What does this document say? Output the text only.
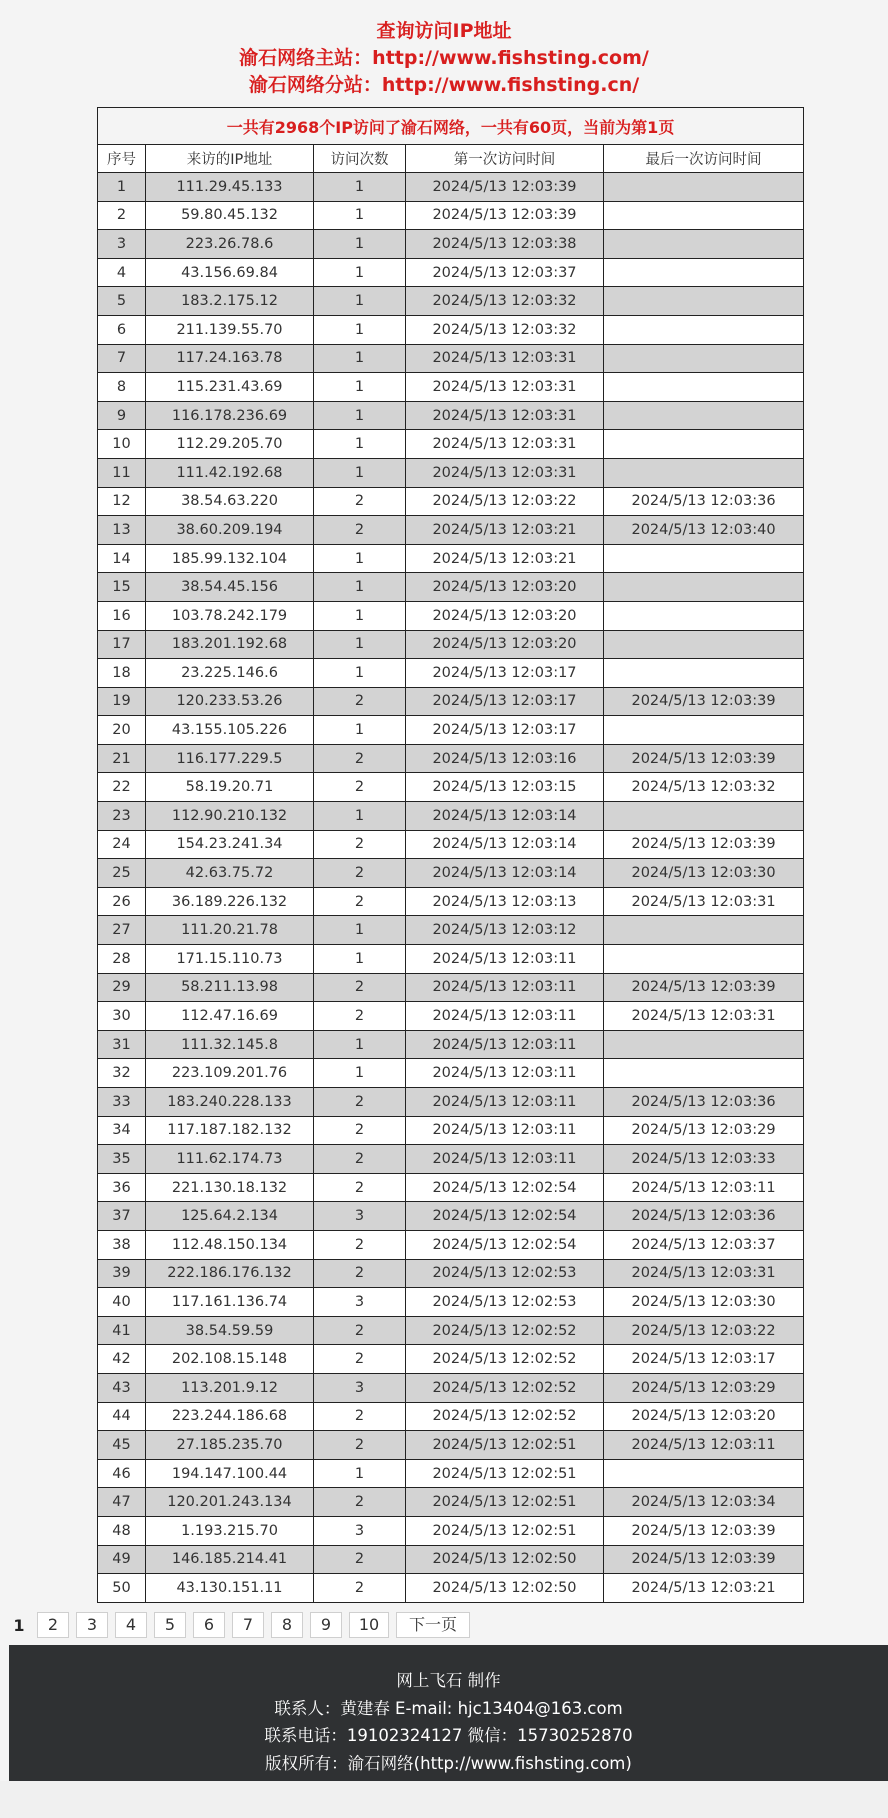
查询访问IP地址
渝石网络主站：http://www.fishsting.com/
渝石网络分站：http://www.fishsting.cn/
一共有2968个IP访问了渝石网络，一共有60页，当前为第1页				
序号	来访的IP地址	访问次数	第一次访问时间	最后一次访问时间
1	111.29.45.133	1	2024/5/13 12:03:39	
2	59.80.45.132	1	2024/5/13 12:03:39	
3	223.26.78.6	1	2024/5/13 12:03:38	
4	43.156.69.84	1	2024/5/13 12:03:37	
5	183.2.175.12	1	2024/5/13 12:03:32	
6	211.139.55.70	1	2024/5/13 12:03:32	
7	117.24.163.78	1	2024/5/13 12:03:31	
8	115.231.43.69	1	2024/5/13 12:03:31	
9	116.178.236.69	1	2024/5/13 12:03:31	
10	112.29.205.70	1	2024/5/13 12:03:31	
11	111.42.192.68	1	2024/5/13 12:03:31	
12	38.54.63.220	2	2024/5/13 12:03:22	2024/5/13 12:03:36
13	38.60.209.194	2	2024/5/13 12:03:21	2024/5/13 12:03:40
14	185.99.132.104	1	2024/5/13 12:03:21	
15	38.54.45.156	1	2024/5/13 12:03:20	
16	103.78.242.179	1	2024/5/13 12:03:20	
17	183.201.192.68	1	2024/5/13 12:03:20	
18	23.225.146.6	1	2024/5/13 12:03:17	
19	120.233.53.26	2	2024/5/13 12:03:17	2024/5/13 12:03:39
20	43.155.105.226	1	2024/5/13 12:03:17	
21	116.177.229.5	2	2024/5/13 12:03:16	2024/5/13 12:03:39
22	58.19.20.71	2	2024/5/13 12:03:15	2024/5/13 12:03:32
23	112.90.210.132	1	2024/5/13 12:03:14	
24	154.23.241.34	2	2024/5/13 12:03:14	2024/5/13 12:03:39
25	42.63.75.72	2	2024/5/13 12:03:14	2024/5/13 12:03:30
26	36.189.226.132	2	2024/5/13 12:03:13	2024/5/13 12:03:31
27	111.20.21.78	1	2024/5/13 12:03:12	
28	171.15.110.73	1	2024/5/13 12:03:11	
29	58.211.13.98	2	2024/5/13 12:03:11	2024/5/13 12:03:39
30	112.47.16.69	2	2024/5/13 12:03:11	2024/5/13 12:03:31
31	111.32.145.8	1	2024/5/13 12:03:11	
32	223.109.201.76	1	2024/5/13 12:03:11	
33	183.240.228.133	2	2024/5/13 12:03:11	2024/5/13 12:03:36
34	117.187.182.132	2	2024/5/13 12:03:11	2024/5/13 12:03:29
35	111.62.174.73	2	2024/5/13 12:03:11	2024/5/13 12:03:33
36	221.130.18.132	2	2024/5/13 12:02:54	2024/5/13 12:03:11
37	125.64.2.134	3	2024/5/13 12:02:54	2024/5/13 12:03:36
38	112.48.150.134	2	2024/5/13 12:02:54	2024/5/13 12:03:37
39	222.186.176.132	2	2024/5/13 12:02:53	2024/5/13 12:03:31
40	117.161.136.74	3	2024/5/13 12:02:53	2024/5/13 12:03:30
41	38.54.59.59	2	2024/5/13 12:02:52	2024/5/13 12:03:22
42	202.108.15.148	2	2024/5/13 12:02:52	2024/5/13 12:03:17
43	113.201.9.12	3	2024/5/13 12:02:52	2024/5/13 12:03:29
44	223.244.186.68	2	2024/5/13 12:02:52	2024/5/13 12:03:20
45	27.185.235.70	2	2024/5/13 12:02:51	2024/5/13 12:03:11
46	194.147.100.44	1	2024/5/13 12:02:51	
47	120.201.243.134	2	2024/5/13 12:02:51	2024/5/13 12:03:34
48	1.193.215.70	3	2024/5/13 12:02:51	2024/5/13 12:03:39
49	146.185.214.41	2	2024/5/13 12:02:50	2024/5/13 12:03:39
50	43.130.151.11	2	2024/5/13 12:02:50	2024/5/13 12:03:21
1	2	3	4	5	6	7	8	9	10	下一页
网上飞石 制作
联系人：黄建春 E-mail: hjc13404@163.com
联系电话：19102324127 微信：15730252870
版权所有：渝石网络(http://www.fishsting.com)
